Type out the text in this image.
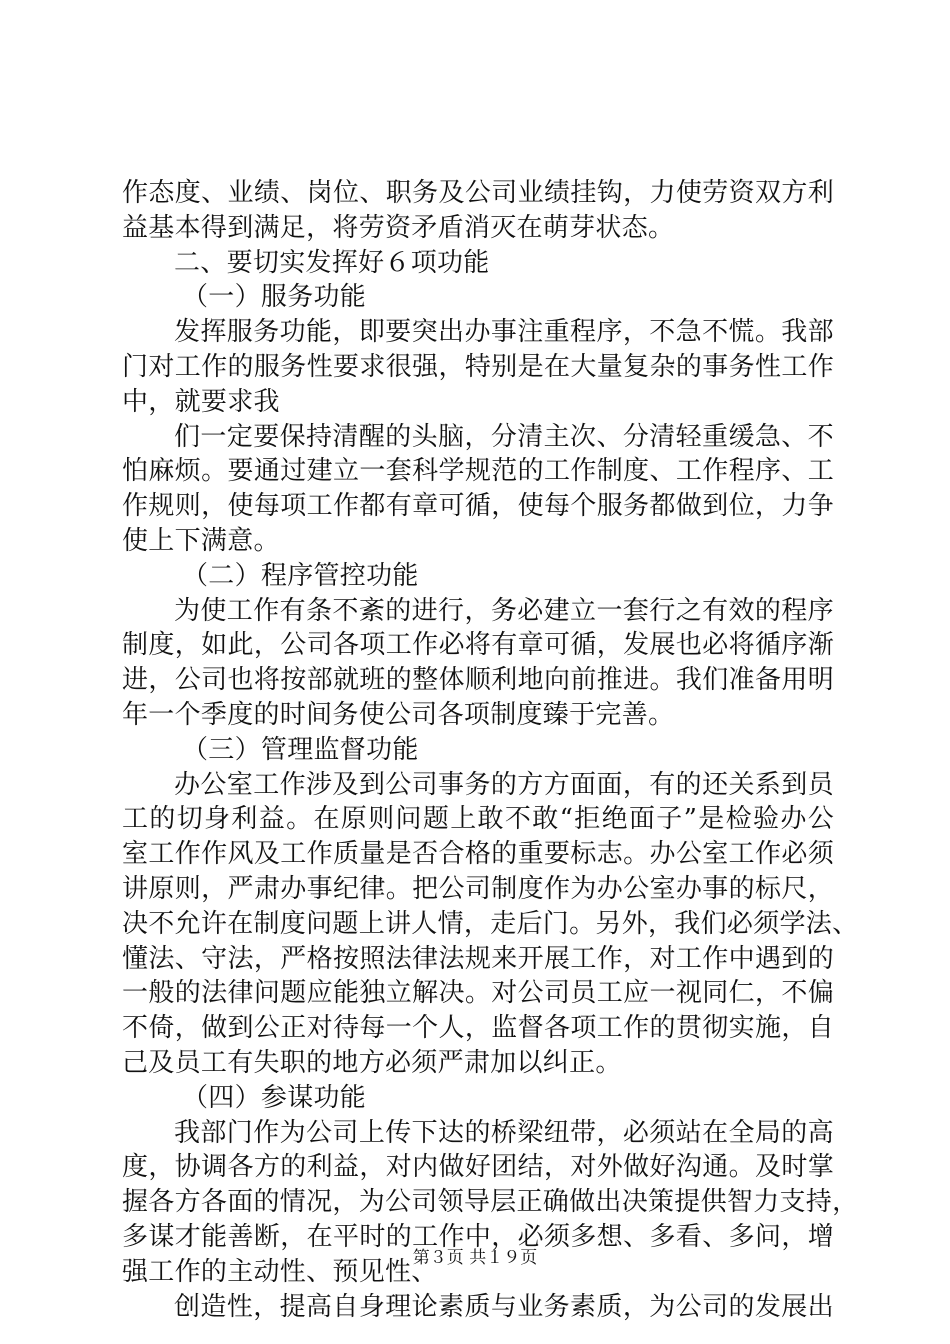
作态度、业绩、岗位、职务及公司业绩挂钩，力使劳资双方利
益基本得到满足，将劳资矛盾消灭在萌芽状态。
二、要切实发挥好６项功能
（一）服务功能
发挥服务功能，即要突出办事注重程序，不急不慌。我部
门对工作的服务性要求很强，特别是在大量复杂的事务性工作
中，就要求我
们一定要保持清醒的头脑，分清主次、分清轻重缓急、不
怕麻烦。要通过建立一套科学规范的工作制度、工作程序、工
作规则，使每项工作都有章可循，使每个服务都做到位，力争
使上下满意。
（二）程序管控功能
为使工作有条不紊的进行，务必建立一套行之有效的程序
制度，如此，公司各项工作必将有章可循，发展也必将循序渐
进，公司也将按部就班的整体顺利地向前推进。我们准备用明
年一个季度的时间务使公司各项制度臻于完善。
（三）管理监督功能
办公室工作涉及到公司事务的方方面面，有的还关系到员
工的切身利益。在原则问题上敢不敢“拒绝面子”是检验办公
室工作作风及工作质量是否合格的重要标志。办公室工作必须
讲原则，严肃办事纪律。把公司制度作为办公室办事的标尺，
决不允许在制度问题上讲人情，走后门。另外，我们必须学法、
懂法、守法，严格按照法律法规来开展工作，对工作中遇到的
一般的法律问题应能独立解决。对公司员工应一视同仁，不偏
不倚，做到公正对待每一个人，监督各项工作的贯彻实施，自
己及员工有失职的地方必须严肃加以纠正。
（四）参谋功能
我部门作为公司上传下达的桥梁纽带，必须站在全局的高
度，协调各方的利益，对内做好团结，对外做好沟通。及时掌
握各方各面的情况，为公司领导层正确做出决策提供智力支持，
多谋才能善断，在平时的工作中，必须多想、多看、多问，增
强工作的主动性、预见性、
创造性，提高自身理论素质与业务素质，为公司的发展出
第３页 共１９页
